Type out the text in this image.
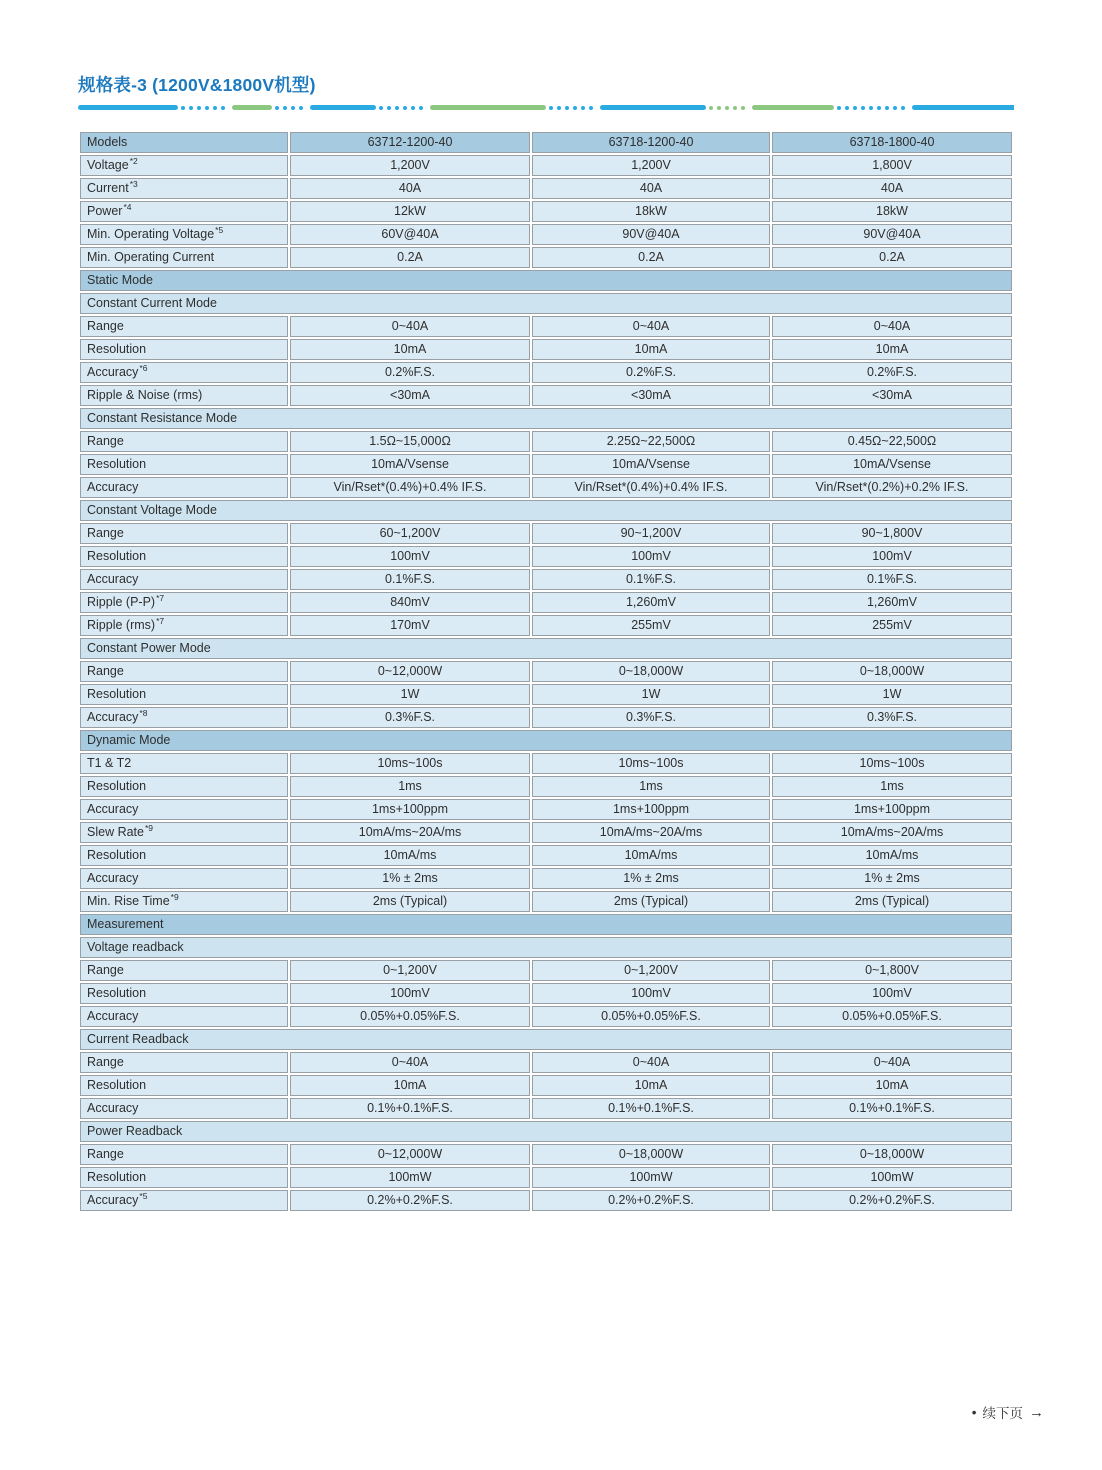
规格表-3 (1200V&1800V机型)
Models	63712-1200-40	63718-1200-40	63718-1800-40
Voltage$^{*2}$	1,200V	1,200V	1,800V
Current$^{*3}$	40A	40A	40A
Power$^{*4}$	12kW	18kW	18kW
Min. Operating Voltage$^{*5}$	60V@40A	90V@40A	90V@40A
Min. Operating Current	0.2A	0.2A	0.2A
Static Mode			
Constant Current Mode			
Range	0~40A	0~40A	0~40A
Resolution	10mA	10mA	10mA
Accuracy$^{*6}$	0.2%F.S.	0.2%F.S.	0.2%F.S.
Ripple & Noise (rms)	<30mA	<30mA	<30mA
Constant Resistance Mode			
Range	1.5Ω~15,000Ω	2.25Ω~22,500Ω	0.45Ω~22,500Ω
Resolution	10mA/Vsense	10mA/Vsense	10mA/Vsense
Accuracy	Vin/Rset*(0.4%)+0.4% IF.S.	Vin/Rset*(0.4%)+0.4% IF.S.	Vin/Rset*(0.2%)+0.2% IF.S.
Constant Voltage Mode			
Range	60~1,200V	90~1,200V	90~1,800V
Resolution	100mV	100mV	100mV
Accuracy	0.1%F.S.	0.1%F.S.	0.1%F.S.
Ripple $(P-P)^{*7}$	840mV	1,260mV	1,260mV
Ripple (rms)$^{*7}$	170mV	255mV	255mV
Constant Power Mode			
Range	0~12,000W	0~18,000W	0~18,000W
Resolution	1W	1W	1W
Accuracy$^{*8}$	0.3%F.S.	0.3%F.S.	0.3%F.S.
Dynamic Mode			
T1 & T2	10ms~100s	10ms~100s	10ms~100s
Resolution	1ms	1ms	1ms
Accuracy	1ms+100ppm	1ms+100ppm	1ms+100ppm
Slew Rate$^{*9}$	10mA/ms~20A/ms	10mA/ms~20A/ms	10mA/ms~20A/ms
Resolution	10mA/ms	10mA/ms	10mA/ms
Accuracy	1% ± 2ms	1% ± 2ms	1% ± 2ms
Min. Rise Time$^{*9}$	2ms (Typical)	2ms (Typical)	2ms (Typical)
Measurement			
Voltage readback			
Range	0~1,200V	0~1,200V	0~1,800V
Resolution	100mV	100mV	100mV
Accuracy	0.05%+0.05%F.S.	0.05%+0.05%F.S.	0.05%+0.05%F.S.
Current Readback			
Range	0~40A	0~40A	0~40A
Resolution	10mA	10mA	10mA
Accuracy	0.1%+0.1%F.S.	0.1%+0.1%F.S.	0.1%+0.1%F.S.
Power Readback			
Range	0~12,000W	0~18,000W	0~18,000W
Resolution	100mW	100mW	100mW
Accuracy$^{*5}$	0.2%+0.2%F.S.	0.2%+0.2%F.S.	0.2%+0.2%F.S.
• 续下页 →
